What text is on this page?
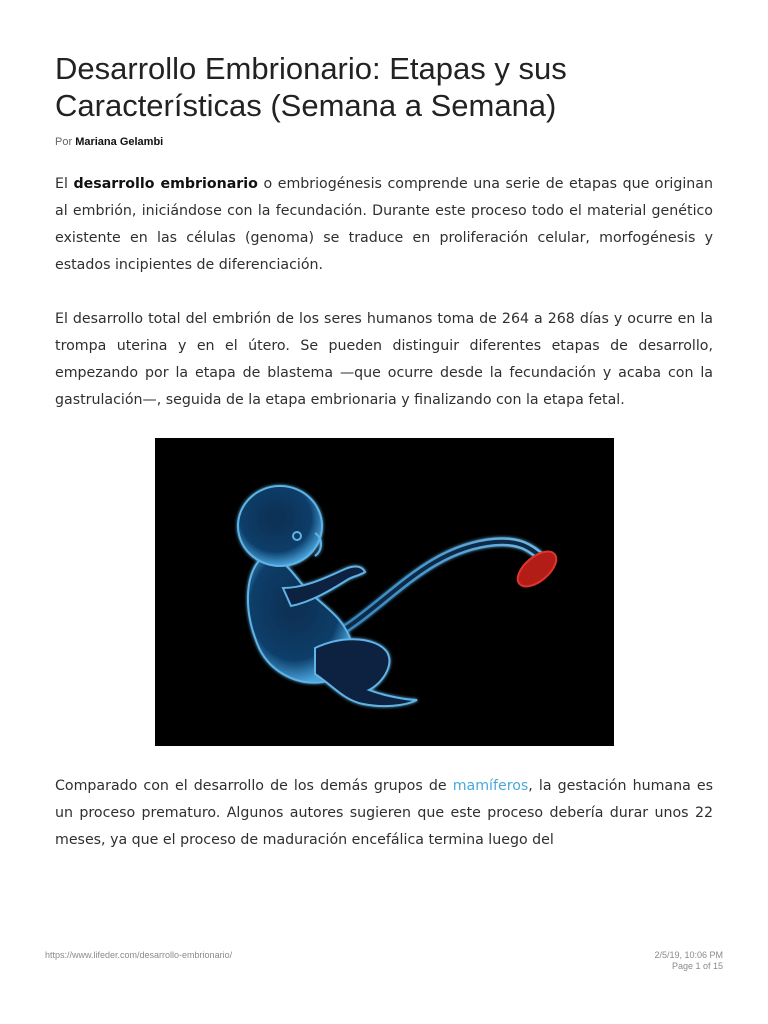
Desarrollo Embrionario: Etapas y sus Características (Semana a Semana)
Por Mariana Gelambi

El desarrollo embrionario o embriogénesis comprende una serie de etapas que originan al embrión, iniciándose con la fecundación. Durante este proceso todo el material genético existente en las células (genoma) se traduce en proliferación celular, morfogénesis y estados incipientes de diferenciación.

El desarrollo total del embrión de los seres humanos toma de 264 a 268 días y ocurre en la trompa uterina y en el útero. Se pueden distinguir diferentes etapas de desarrollo, empezando por la etapa de blastema —que ocurre desde la fecundación y acaba con la gastrulación—, seguida de la etapa embrionaria y finalizando con la etapa fetal.

Comparado con el desarrollo de los demás grupos de mamíferos, la gestación humana es un proceso prematuro. Algunos autores sugieren que este proceso debería durar unos 22 meses, ya que el proceso de maduración encefálica termina luego del

https://www.lifeder.com/desarrollo-embrionario/	2/5/19, 10:06 PM
Page 1 of 15
